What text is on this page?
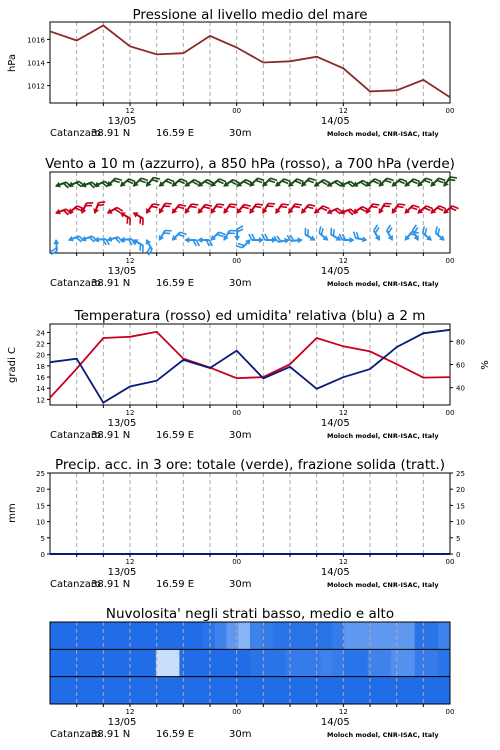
Pressione al livello medio del mare
1012
1014
1016
hPa
12	00	12	00
13/05	14/05
Catanzaro
38.91 N	16.59 E	30m	Moloch model, CNR-ISAC, Italy
Vento a 10 m (azzurro), a 850 hPa (rosso), a 700 hPa (verde)
12	00	12	00
13/05	14/05
Catanzaro
38.91 N	16.59 E	30m	Moloch model, CNR-ISAC, Italy
Temperatura (rosso) ed umidita' relativa (blu) a 2 m
12
14
16
18
20
22
24
40
60
80
gradi C	%
12	00	12	00
13/05	14/05
Catanzaro
38.91 N	16.59 E	30m	Moloch model, CNR-ISAC, Italy
Precip. acc. in 3 ore: totale (verde), frazione solida (tratt.)
0	0
5	5
10	10
15	15
20	20
25	25
mm
12	00	12	00
13/05	14/05
Catanzaro
38.91 N	16.59 E	30m	Moloch model, CNR-ISAC, Italy
Nuvolosita' negli strati basso, medio e alto
12	00	12	00
13/05	14/05
Catanzaro
38.91 N	16.59 E	30m	Moloch model, CNR-ISAC, Italy
